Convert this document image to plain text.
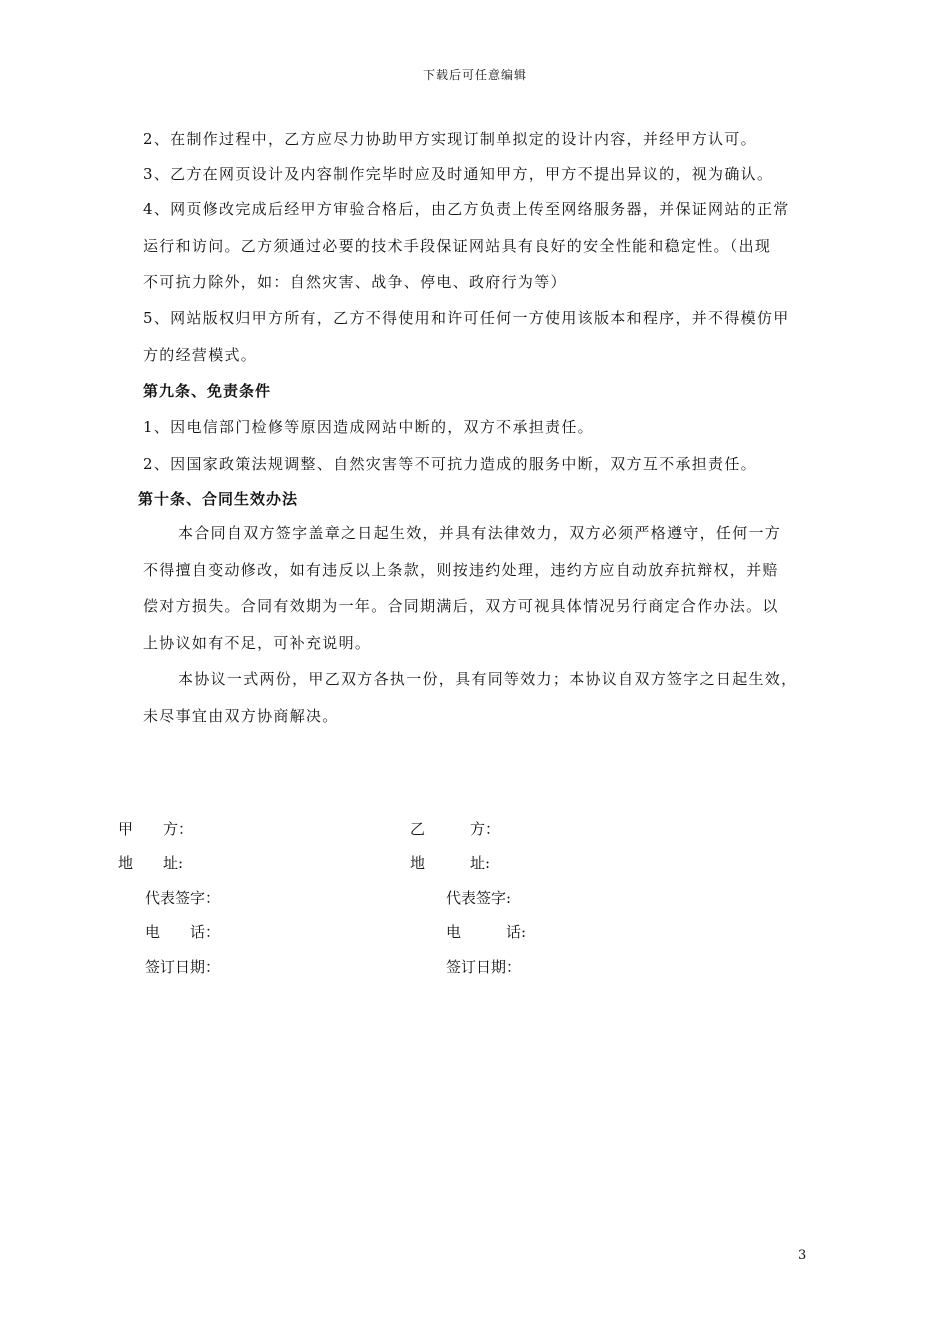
下载后可任意编辑
2、在制作过程中，乙方应尽力协助甲方实现订制单拟定的设计内容，并经甲方认可。
3、乙方在网页设计及内容制作完毕时应及时通知甲方，甲方不提出异议的，视为确认。
4、网页修改完成后经甲方审验合格后，由乙方负责上传至网络服务器，并保证网站的正常
运行和访问。乙方须通过必要的技术手段保证网站具有良好的安全性能和稳定性。（出现
不可抗力除外，如：自然灾害、战争、停电、政府行为等）
5、网站版权归甲方所有，乙方不得使用和许可任何一方使用该版本和程序，并不得模仿甲
方的经营模式。
第九条、免责条件
1、因电信部门检修等原因造成网站中断的，双方不承担责任。
2、因国家政策法规调整、自然灾害等不可抗力造成的服务中断，双方互不承担责任。
第十条、合同生效办法
本合同自双方签字盖章之日起生效，并具有法律效力，双方必须严格遵守，任何一方
不得擅自变动修改，如有违反以上条款，则按违约处理，违约方应自动放弃抗辩权，并赔
偿对方损失。合同有效期为一年。合同期满后，双方可视具体情况另行商定合作办法。以
上协议如有不足，可补充说明。
本协议一式两份，甲乙双方各执一份，具有同等效力；本协议自双方签字之日起生效，
未尽事宜由双方协商解决。
甲　　方：
地　　址:
代表签字：
电　　话：
签订日期：
乙　　　方：
地　　　址:
代表签字:
电　　　话:
签订日期：
3
